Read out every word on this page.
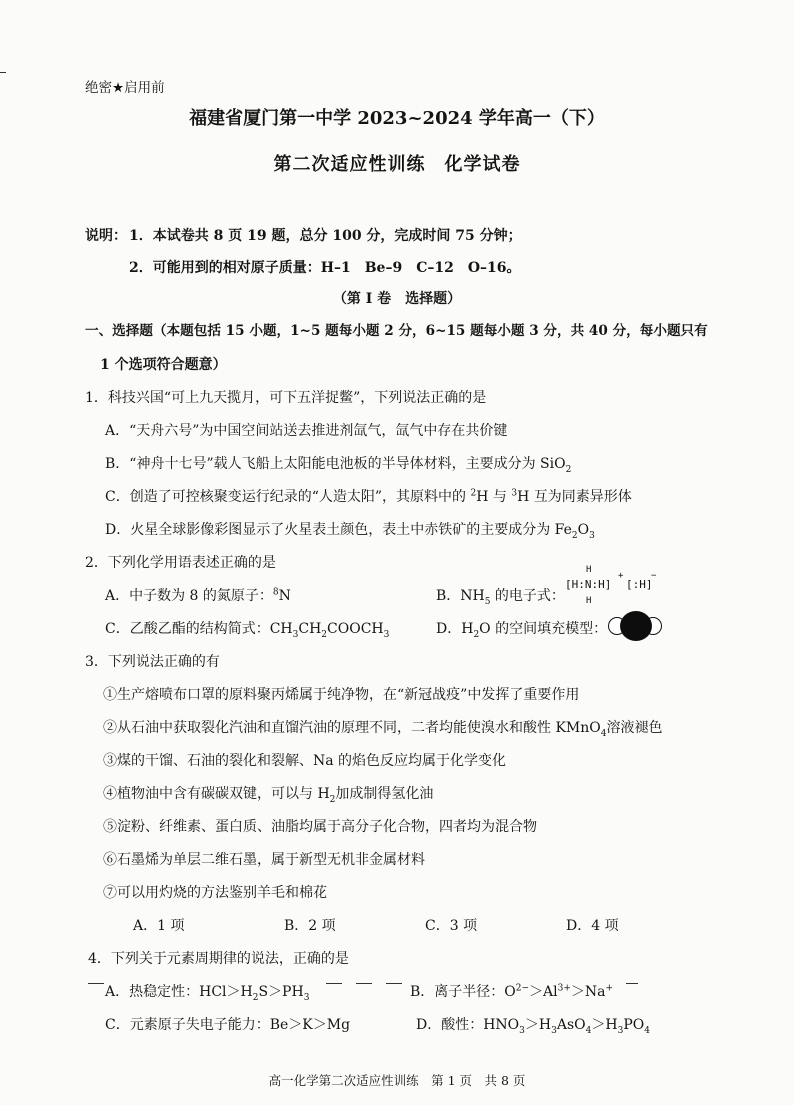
绝密★启用前
福建省厦门第一中学 2023~2024 学年高一（下）
第二次适应性训练　化学试卷
说明： 1．本试卷共 8 页 19 题，总分 100 分，完成时间 75 分钟；
2．可能用到的相对原子质量：H–1　Be–9　C–12　O–16。
（第 I 卷　选择题）
一、选择题（本题包括 15 小题，1~5 题每小题 2 分，6~15 题每小题 3 分，共 40 分，每小题只有
1 个选项符合题意）
1．科技兴国“可上九天揽月，可下五洋捉鳖”，下列说法正确的是
A．“天舟六号”为中国空间站送去推进剂氙气，氙气中存在共价键
B．“神舟十七号”载人飞船上太阳能电池板的半导体材料，主要成分为 SiO$_2$
C．创造了可控核聚变运行纪录的“人造太阳”，其原料中的 $^2$H 与 $^3$H 互为同素异形体
D．火星全球影像彩图显示了火星表土颜色，表土中赤铁矿的主要成分为 $Fe_2O_3$
2．下列化学用语表述正确的是
A．中子数为 8 的氮原子：$^8$N	B．$NH_5$ 的电子式：
H
[H:N:H]
+
H
[:H]
−
C．乙酸乙酯的结构简式：$CH_3CH_2COOCH_3$	D．$H_2O$ 的空间填充模型：
3．下列说法正确的有
①生产熔喷布口罩的原料聚丙烯属于纯净物，在“新冠战疫”中发挥了重要作用
②从石油中获取裂化汽油和直馏汽油的原理不同，二者均能使溴水和酸性 KMnO$_4$溶液褪色
③煤的干馏、石油的裂化和裂解、Na 的焰色反应均属于化学变化
④植物油中含有碳碳双键，可以与 $H_2$加成制得氢化油
⑤淀粉、纤维素、蛋白质、油脂均属于高分子化合物，四者均为混合物
⑥石墨烯为单层二维石墨，属于新型无机非金属材料
⑦可以用灼烧的方法鉴别羊毛和棉花
A．1 项	B．2 项	C．3 项	D．4 项
4．下列关于元素周期律的说法，正确的是
A．热稳定性：$HCl>H_2S>PH_3$	B．离子半径：$O^{2-}>Al^{3+}>Na^+$
C．元素原子失电子能力：Be＞K＞Mg	D．酸性：$HNO_3>H_3AsO_4>H_3PO_4$
高一化学第二次适应性训练　第 1 页　共 8 页
